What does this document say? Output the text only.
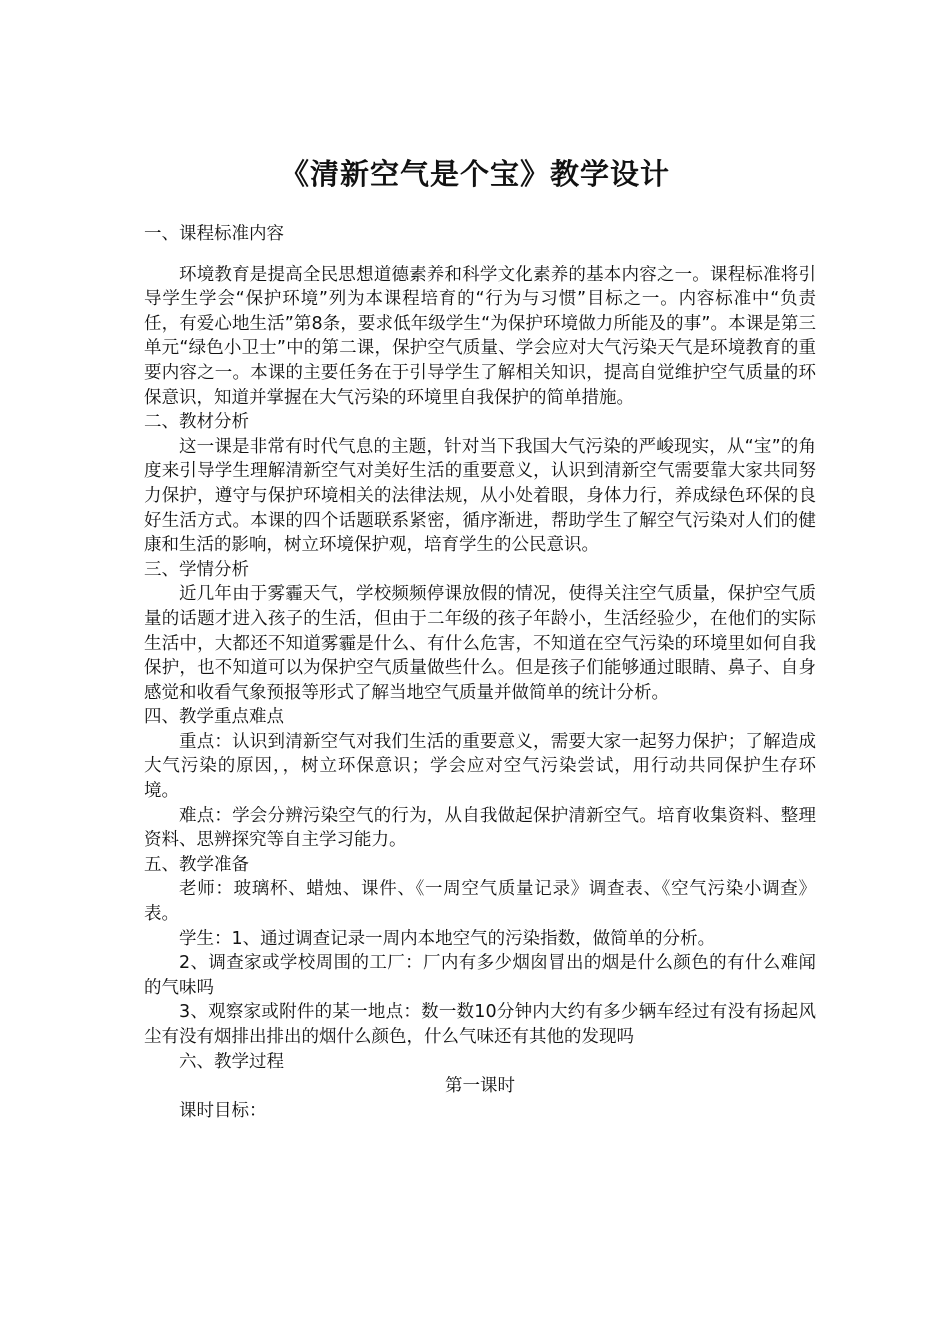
《清新空气是个宝》教学设计

一、课程标准内容

环境教育是提高全民思想道德素养和科学文化素养的基本内容之一。课程标准将引导学生学会“保护环境”列为本课程培育的“行为与习惯”目标之一。内容标准中“负责任，有爱心地生活”第8条，要求低年级学生“为保护环境做力所能及的事”。本课是第三单元“绿色小卫士”中的第二课，保护空气质量、学会应对大气污染天气是环境教育的重要内容之一。本课的主要任务在于引导学生了解相关知识，提高自觉维护空气质量的环保意识，知道并掌握在大气污染的环境里自我保护的简单措施。

二、教材分析

这一课是非常有时代气息的主题，针对当下我国大气污染的严峻现实，从“宝”的角度来引导学生理解清新空气对美好生活的重要意义，认识到清新空气需要靠大家共同努力保护，遵守与保护环境相关的法律法规，从小处着眼，身体力行，养成绿色环保的良好生活方式。本课的四个话题联系紧密，循序渐进，帮助学生了解空气污染对人们的健康和生活的影响，树立环境保护观，培育学生的公民意识。

三、学情分析

近几年由于雾霾天气，学校频频停课放假的情况，使得关注空气质量，保护空气质量的话题才进入孩子的生活，但由于二年级的孩子年龄小，生活经验少，在他们的实际生活中，大都还不知道雾霾是什么、有什么危害，不知道在空气污染的环境里如何自我保护，也不知道可以为保护空气质量做些什么。但是孩子们能够通过眼睛、鼻子、自身感觉和收看气象预报等形式了解当地空气质量并做简单的统计分析。

四、教学重点难点

重点：认识到清新空气对我们生活的重要意义，需要大家一起努力保护；了解造成大气污染的原因，，树立环保意识；学会应对空气污染尝试，用行动共同保护生存环境。

难点：学会分辨污染空气的行为，从自我做起保护清新空气。培育收集资料、整理资料、思辨探究等自主学习能力。

五、教学准备

老师：玻璃杯、蜡烛、课件、《一周空气质量记录》调查表、《空气污染小调查》表。

学生：1、通过调查记录一周内本地空气的污染指数，做简单的分析。

2、调查家或学校周围的工厂：厂内有多少烟囱冒出的烟是什么颜色的有什么难闻的气味吗

3、观察家或附件的某一地点：数一数10分钟内大约有多少辆车经过有没有扬起风尘有没有烟排出排出的烟什么颜色，什么气味还有其他的发现吗

六、教学过程

第一课时

课时目标：
